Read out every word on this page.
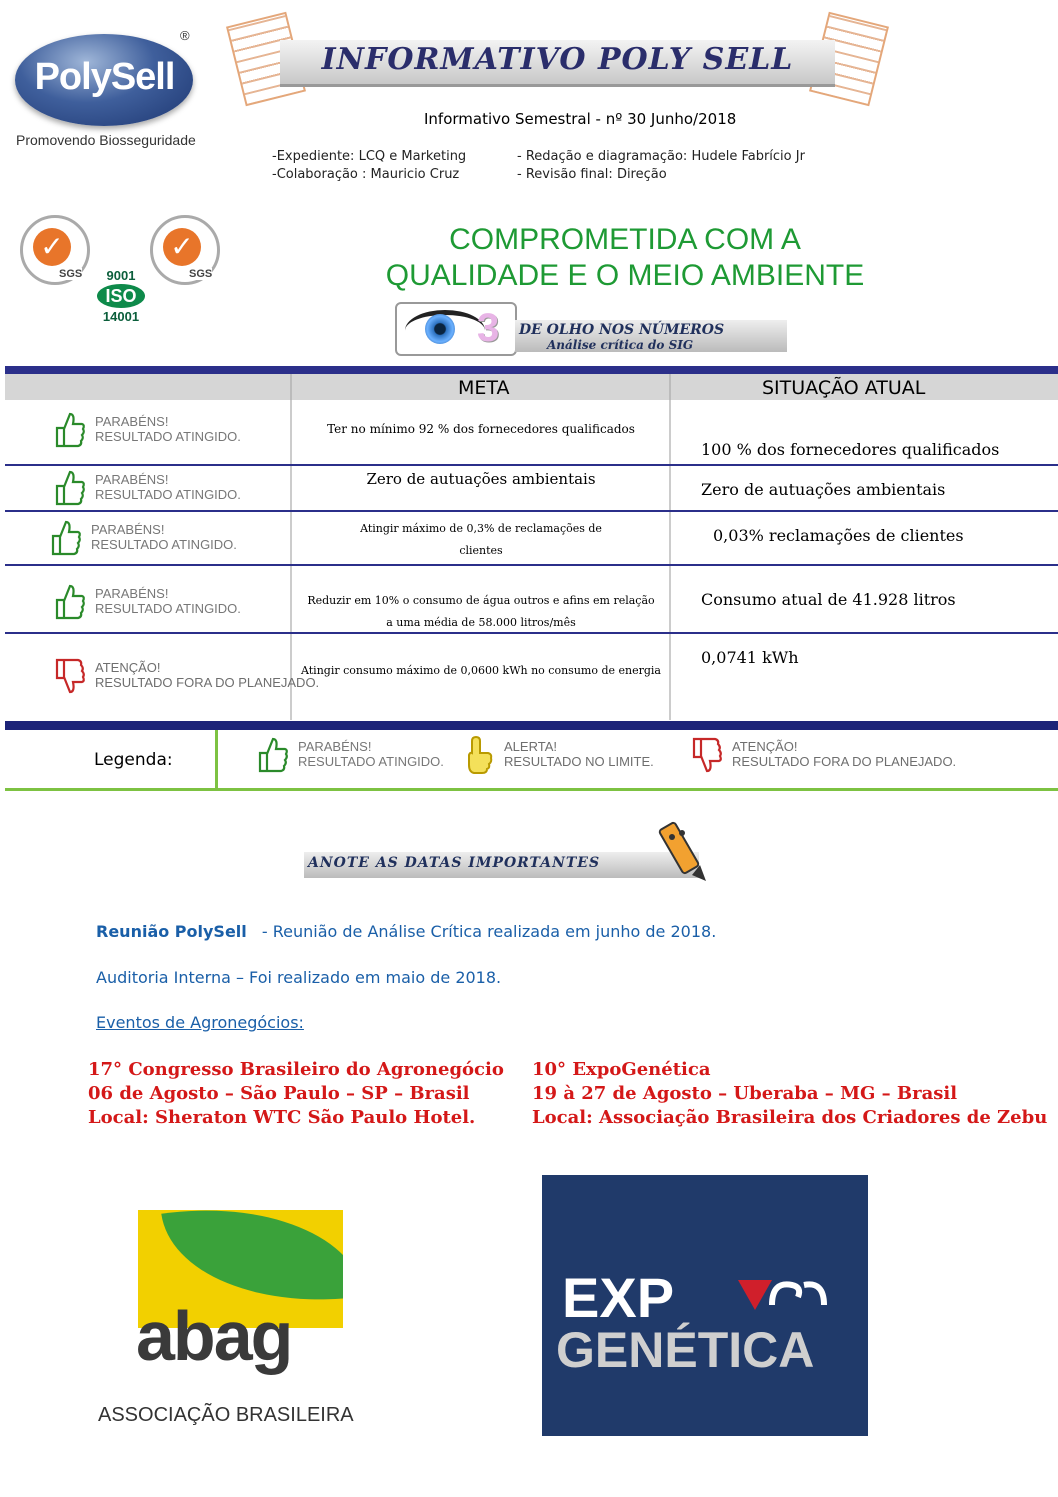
PolySell
®
Promovendo Biosseguridade
INFORMATIVO POLY SELL
Informativo Semestral - nº 30 Junho/2018
-Expediente: LCQ e Marketing
-Colaboração : Mauricio Cruz
- Redação e diagramação: Hudele Fabrício Jr
- Revisão final: Direção
✓
SGS
✓
SGS
9001
ISO
14001
COMPROMETIDA COM A
QUALIDADE E O MEIO AMBIENTE
3 DE OLHO NOS NÚMEROS
Análise crítica do SIG
META	SITUAÇÃO ATUAL
PARABÉNS!
RESULTADO ATINGIDO.	Ter no mínimo 92 % dos fornecedores qualificados
100 % dos fornecedores qualificados
PARABÉNS!
RESULTADO ATINGIDO.
Zero de autuações ambientais
Zero de autuações ambientais
PARABÉNS!
RESULTADO ATINGIDO.
Atingir máximo de 0,3% de reclamações de clientes
0,03% reclamações de clientes
PARABÉNS!
RESULTADO ATINGIDO.
Reduzir em 10% o consumo de água outros e afins em relação a uma média de 58.000 litros/mês
Consumo atual de 41.928 litros
ATENÇÃO!
RESULTADO FORA DO PLANEJADO.
Atingir consumo máximo de 0,0600 kWh no consumo de energia
0,0741 kWh
Legenda:
PARABÉNS!
RESULTADO ATINGIDO.
ALERTA!
RESULTADO NO LIMITE.
ATENÇÃO!
RESULTADO FORA DO PLANEJADO.
ANOTE AS DATAS IMPORTANTES
Reunião PolySell - Reunião de Análise Crítica realizada em junho de 2018.
Auditoria Interna – Foi realizado em maio de 2018.
Eventos de Agronegócios:
17° Congresso Brasileiro do Agronegócio
06 de Agosto – São Paulo – SP – Brasil
Local: Sheraton WTC São Paulo Hotel.
10° ExpoGenética
19 à 27 de Agosto – Uberaba – MG – Brasil
Local: Associação Brasileira dos Criadores de Zebu
abag
ASSOCIAÇÃO BRASILEIRA
EXP
GENÉTICA
